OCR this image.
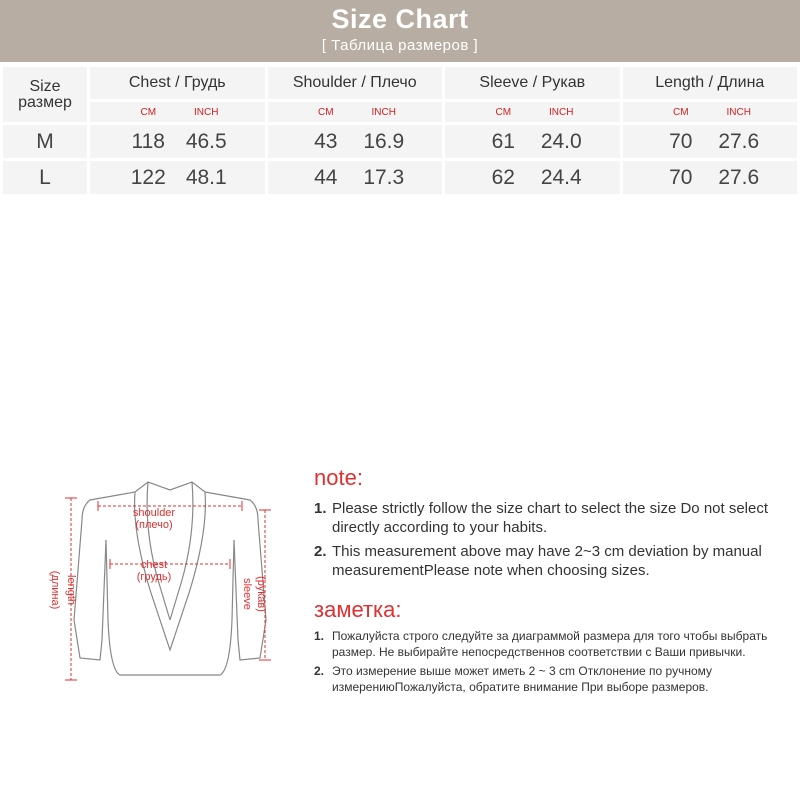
Size Chart
[ Таблица размеров ]
Size
размер	Chest / Грудь	Shoulder / Плечо	Sleeve / Рукав	Length / Длина

	CM INCH	CM INCH	CM INCH	CM INCH

M	118 46.5	43 16.9	61 24.0	70 27.6

L	122 48.1	44 17.3	62 24.4	70 27.6
shoulder
(плечо)
chest
(грудь)
length
(длина)	sleeve (рукав)
note:
1. Please strictly follow the size chart to select the size Do not select directly according to your habits.
2. This measurement above may have 2~3 cm deviation by manual measurementPlease note when choosing sizes.
заметка:
1. Пожалуйста строго следуйте за диаграммой размера для того чтобы выбрать размер. Не выбирайте непосредственнов соответствии с Ваши привычки.
2. Это измерение выше может иметь 2 ~ 3 cm Отклонение по ручному измерениюПожалуйста, обратите внимание При выборе размеров.
